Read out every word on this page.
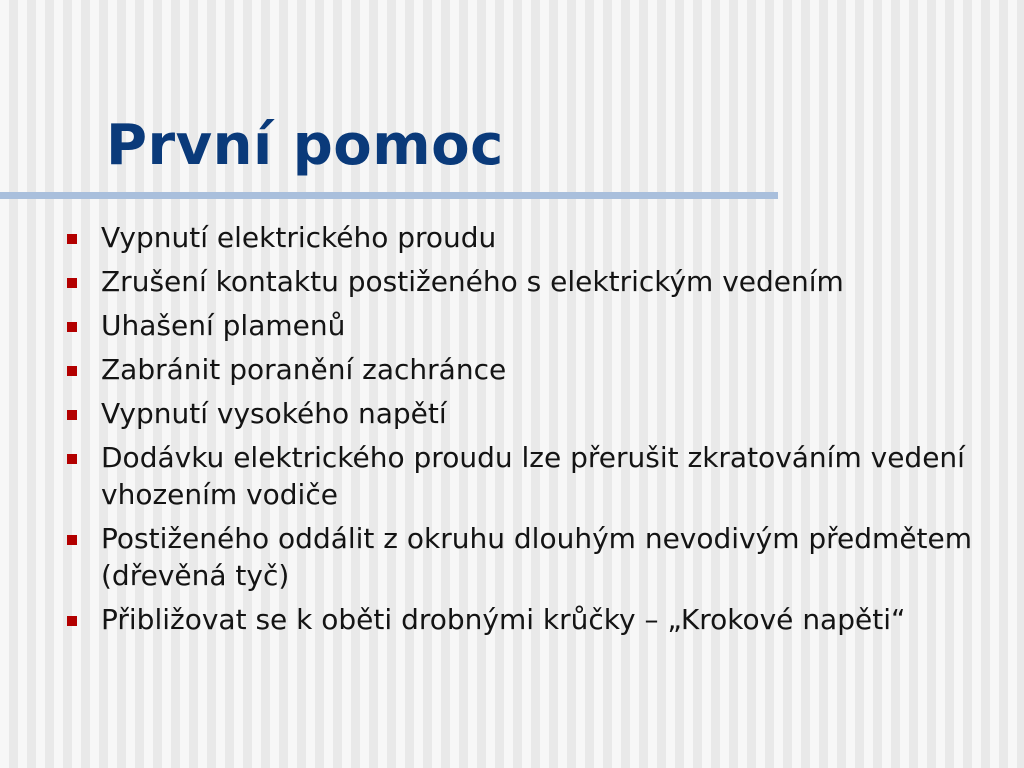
První pomoc
Vypnutí elektrického proudu
Zrušení kontaktu postiženého s elektrickým vedením
Uhašení plamenů
Zabránit poranění zachránce
Vypnutí vysokého napětí
Dodávku elektrického proudu lze přerušit zkratováním vedení vhozením vodiče
Postiženého oddálit z okruhu dlouhým nevodivým předmětem (dřevěná tyč)
Přibližovat se k oběti drobnými krůčky – „Krokové napěti“
